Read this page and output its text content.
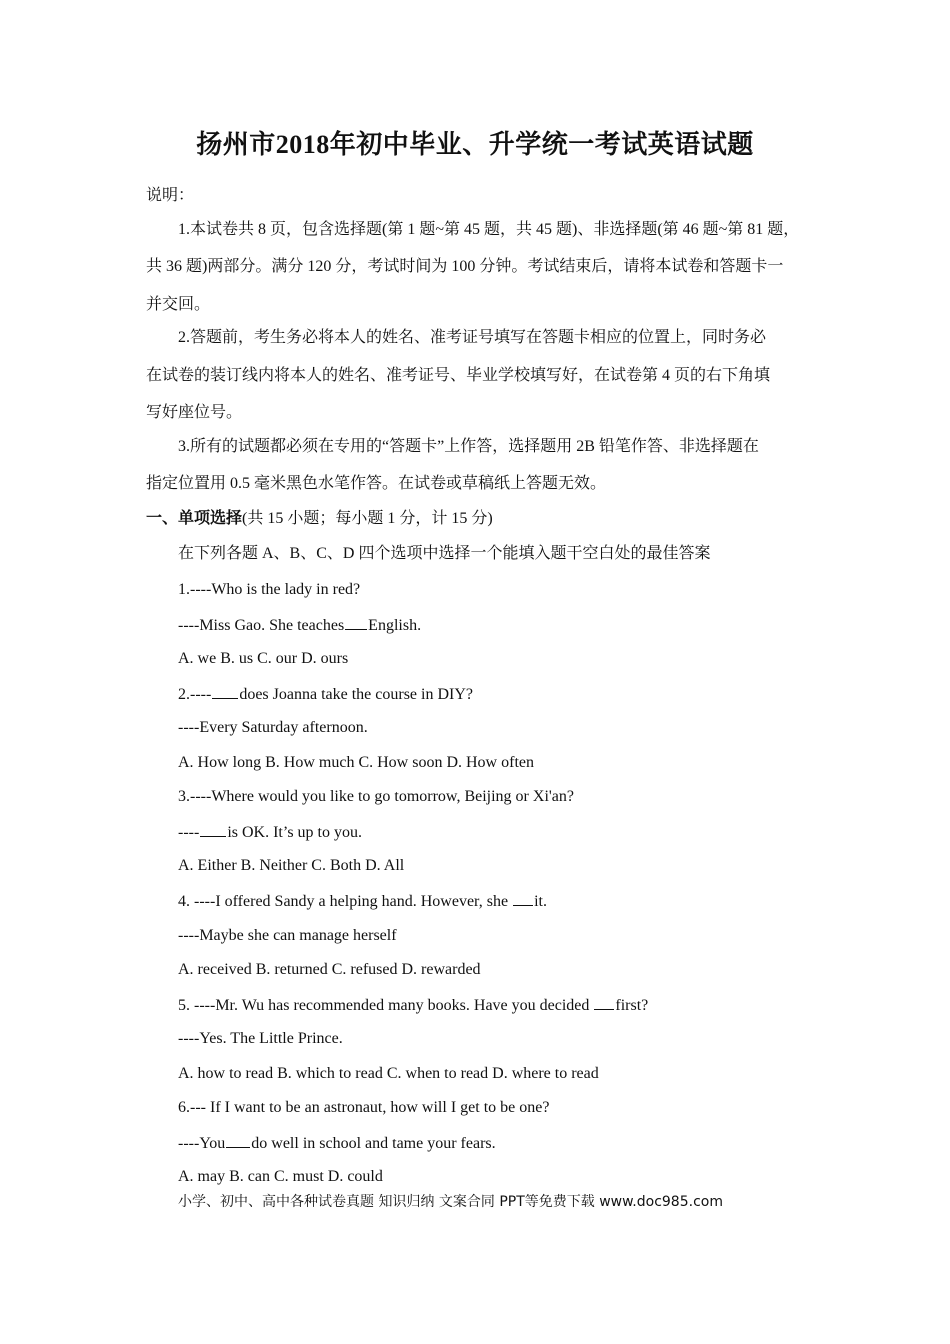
扬州市2018年初中毕业、升学统一考试英语试题
说明：
1.本试卷共 8 页，包含选择题(第 1 题~第 45 题，共 45 题)、非选择题(第 46 题~第 81 题，
共 36 题)两部分。满分 120 分，考试时间为 100 分钟。考试结束后，请将本试卷和答题卡一
并交回。
2.答题前，考生务必将本人的姓名、准考证号填写在答题卡相应的位置上，同时务必
在试卷的装订线内将本人的姓名、准考证号、毕业学校填写好，在试卷第 4 页的右下角填
写好座位号。
3.所有的试题都必须在专用的“答题卡”上作答，选择题用 2B 铅笔作答、非选择题在
指定位置用 0.5 毫米黑色水笔作答。在试卷或草稿纸上答题无效。
一、单项选择(共 15 小题；每小题 1 分，计 15 分)
在下列各题 A、B、C、D 四个选项中选择一个能填入题干空白处的最佳答案
1.----Who is the lady in red?
----Miss Gao. She teaches English.
A. we B. us C. our D. ours
2.---- does Joanna take the course in DIY?
----Every Saturday afternoon.
A. How long B. How much C. How soon D. How often
3.----Where would you like to go tomorrow, Beijing or Xi'an?
---- is OK. It’s up to you.
A. Either B. Neither C. Both D. All
4. ----I offered Sandy a helping hand. However, she it.
----Maybe she can manage herself
A. received B. returned C. refused D. rewarded
5. ----Mr. Wu has recommended many books. Have you decided first?
----Yes. The Little Prince.
A. how to read B. which to read C. when to read D. where to read
6.--- If I want to be an astronaut, how will I get to be one?
----You do well in school and tame your fears.
A. may B. can C. must D. could
小学、初中、高中各种试卷真题 知识归纳 文案合同 PPT等免费下载 www.doc985.com
